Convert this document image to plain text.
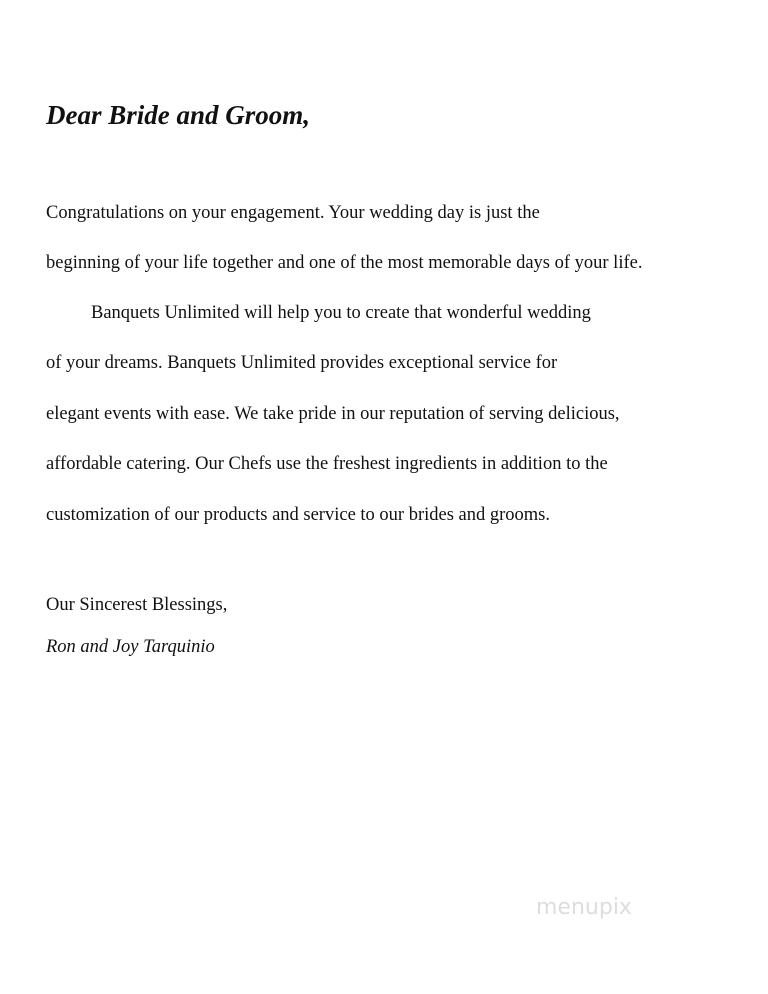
Dear Bride and Groom,
Congratulations on your engagement. Your wedding day is just the
beginning of your life together and one of the most memorable days of your life.
Banquets Unlimited will help you to create that wonderful wedding
of your dreams. Banquets Unlimited provides exceptional service for
elegant events with ease. We take pride in our reputation of serving delicious,
affordable catering. Our Chefs use the freshest ingredients in addition to the
customization of our products and service to our brides and grooms.
Our Sincerest Blessings,
Ron and Joy Tarquinio
menupix
